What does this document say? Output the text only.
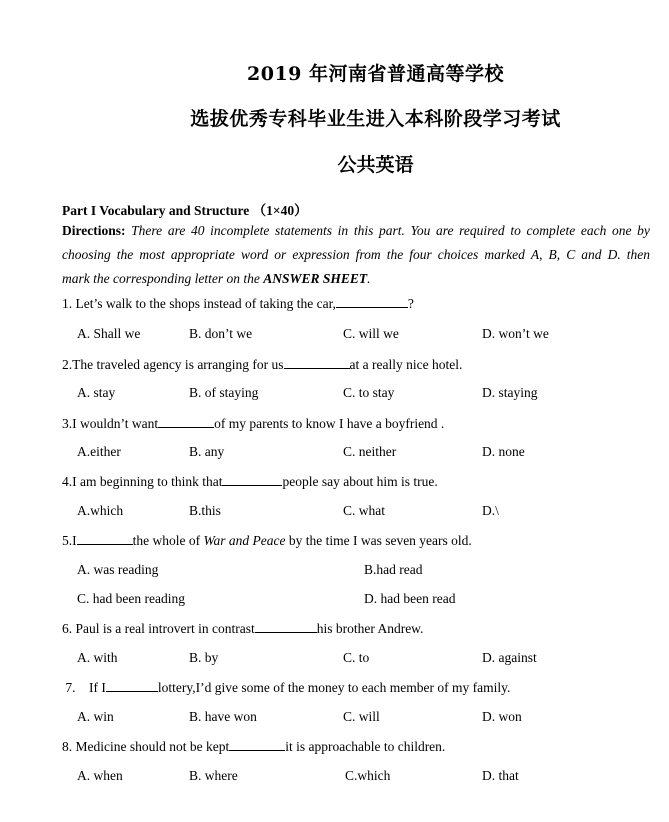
2019 年河南省普通高等学校
选拔优秀专科毕业生进入本科阶段学习考试
公共英语
Part I Vocabulary and Structure （1×40）
Directions: There are 40 incomplete statements in this part. You are required to complete each one by
choosing the most appropriate word or expression from the four choices marked A, B, C and D. then
mark the corresponding letter on the
ANSWER SHEET .
1. Let’s walk to the shops instead of taking the car,	?
A. Shall we	B. don’t we	C. will we	D. won’t we
2.The traveled agency is arranging for us	at a really nice hotel.
A. stay	B. of staying	C. to stay	D. staying
3.I wouldn’t want	of my parents to know I have a boyfriend .
A.either	B. any	C. neither	D. none
4.I am beginning to think that	people say about him is true.
A.which	B.this	C. what	D.\
5.I	the whole of War and Peace by the time I was seven years old.
A. was reading	B.had read
C. had been reading	D. had been read
6. Paul is a real introvert in contrast	his brother Andrew.
A. with	B. by	C. to	D. against
7.    If I	lottery,I’d give some of the money to each member of my family.
A. win	B. have won	C. will	D. won
8. Medicine should not be kept	it is approachable to children.
A. when	B. where	C.which	D. that
